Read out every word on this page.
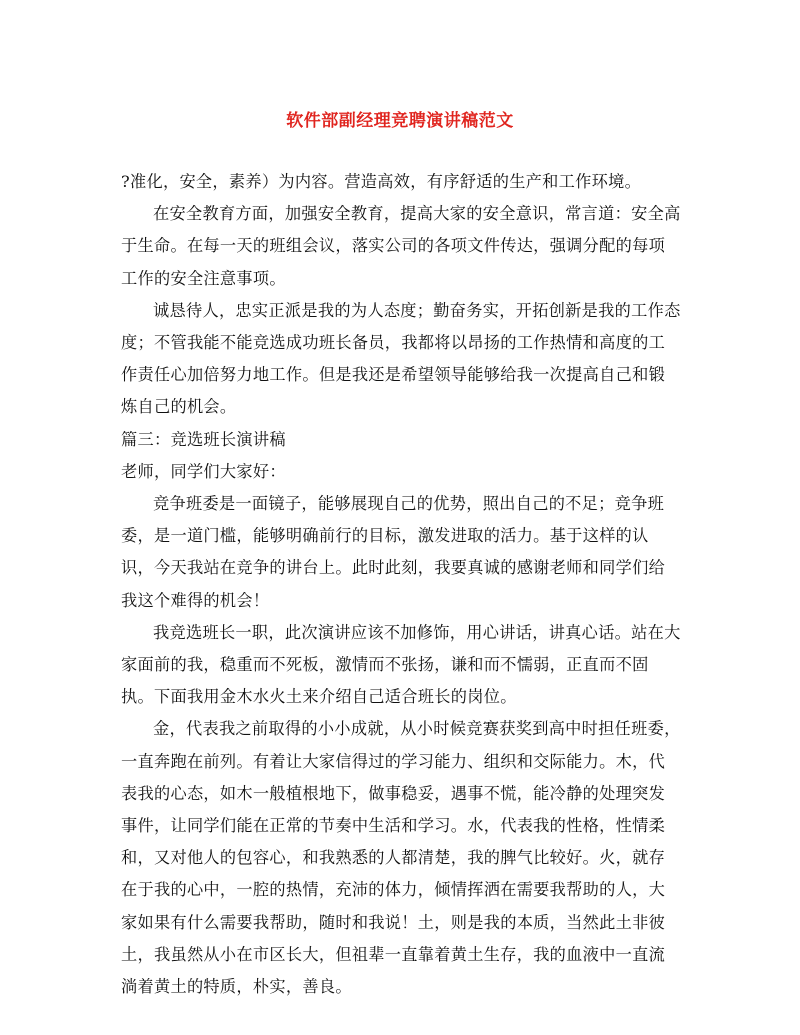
软件部副经理竞聘演讲稿范文

?准化，安全，素养）为内容。营造高效，有序舒适的生产和工作环境。

在安全教育方面，加强安全教育，提高大家的安全意识，常言道：安全高于生命。在每一天的班组会议，落实公司的各项文件传达，强调分配的每项工作的安全注意事项。

诚恳待人，忠实正派是我的为人态度；勤奋务实，开拓创新是我的工作态度；不管我能不能竞选成功班长备员，我都将以昂扬的工作热情和高度的工作责任心加倍努力地工作。但是我还是希望领导能够给我一次提高自己和锻炼自己的机会。

篇三：竞选班长演讲稿

老师，同学们大家好：

竞争班委是一面镜子，能够展现自己的优势，照出自己的不足；竞争班委，是一道门槛，能够明确前行的目标，激发进取的活力。基于这样的认识，今天我站在竞争的讲台上。此时此刻，我要真诚的感谢老师和同学们给我这个难得的机会！

我竞选班长一职，此次演讲应该不加修饰，用心讲话，讲真心话。站在大家面前的我，稳重而不死板，激情而不张扬，谦和而不懦弱，正直而不固执。下面我用金木水火土来介绍自己适合班长的岗位。

金，代表我之前取得的小小成就，从小时候竞赛获奖到高中时担任班委，一直奔跑在前列。有着让大家信得过的学习能力、组织和交际能力。木，代表我的心态，如木一般植根地下，做事稳妥，遇事不慌，能冷静的处理突发事件，让同学们能在正常的节奏中生活和学习。水，代表我的性格，性情柔和，又对他人的包容心，和我熟悉的人都清楚，我的脾气比较好。火，就存在于我的心中，一腔的热情，充沛的体力，倾情挥洒在需要我帮助的人，大家如果有什么需要我帮助，随时和我说！土，则是我的本质，当然此土非彼土，我虽然从小在市区长大，但祖辈一直靠着黄土生存，我的血液中一直流淌着黄土的特质，朴实，善良。
